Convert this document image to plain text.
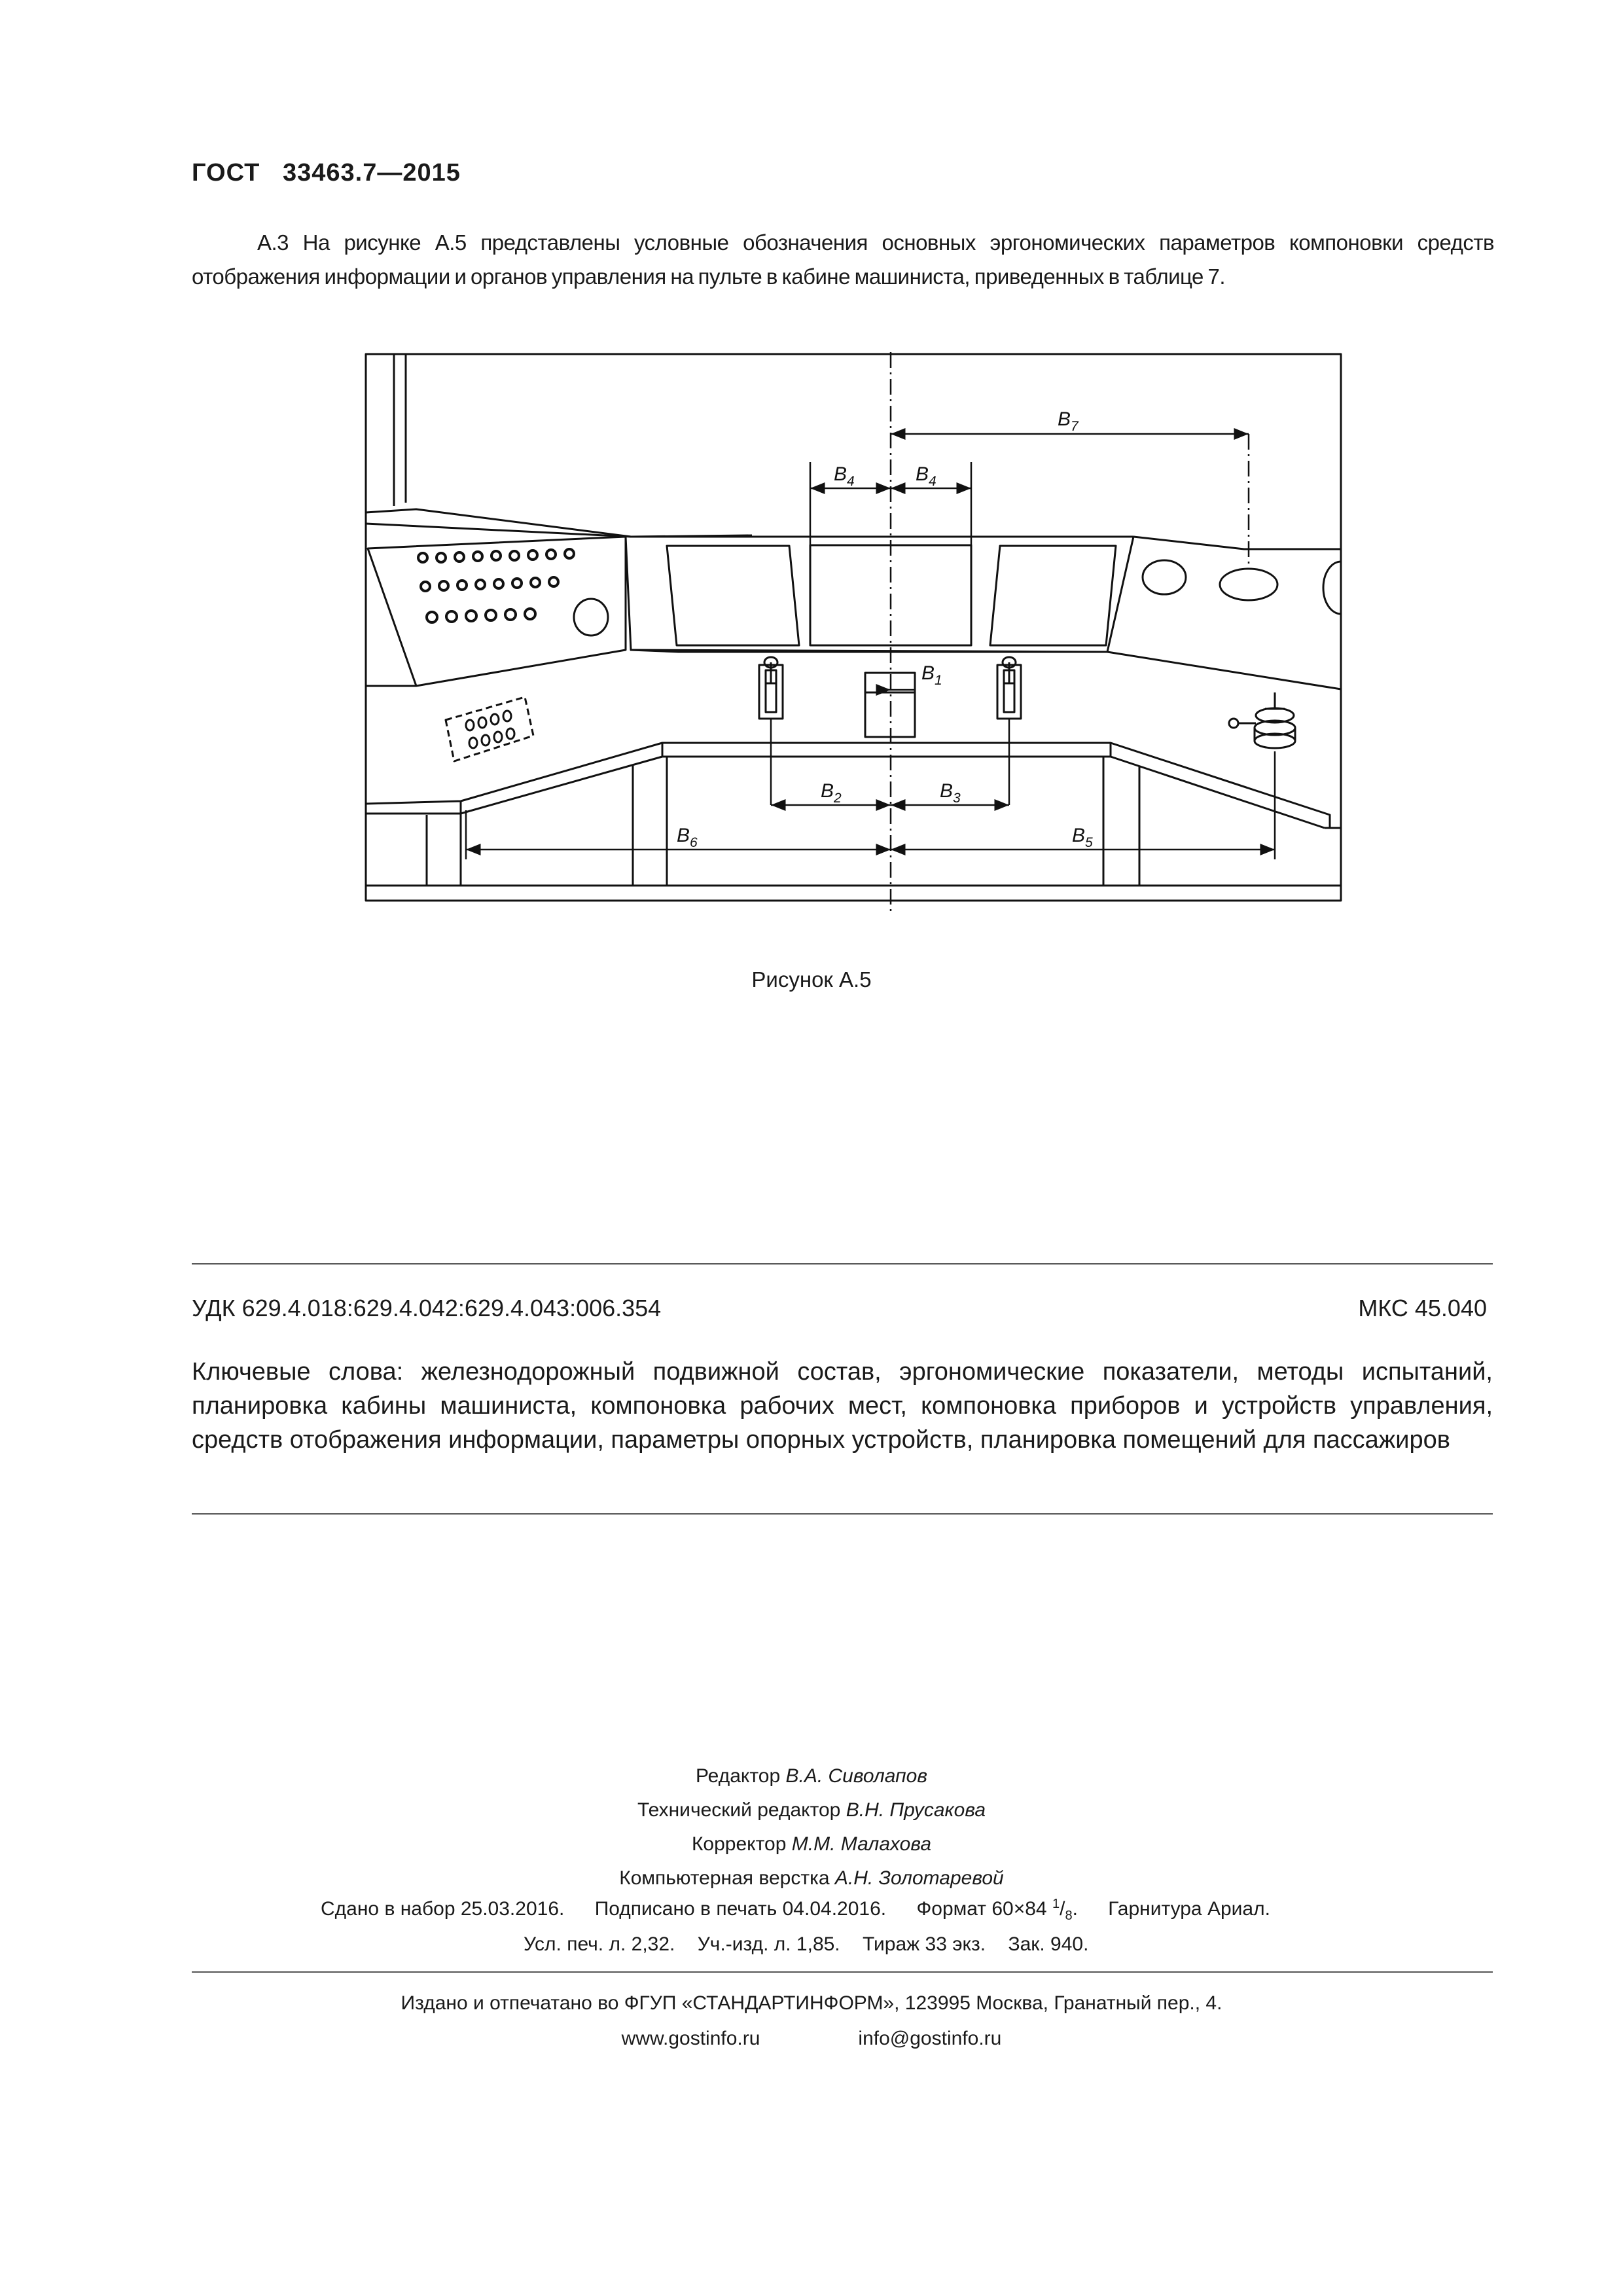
ГОСТ   33463.7—2015

А.3 На рисунке А.5 представлены условные обозначения основных эргономических параметров компоновки средств отображения информации и органов управления на пульте в кабине машиниста, приведенных в таблице 7.

$B_7$
$B_4$	$B_4$
$B_1$
$B_2$	$B_3$
$B_6$	$B_5$
Рисунок А.5
УДК 629.4.018:629.4.042:629.4.043:006.354	МКС 45.040

Ключевые слова: железнодорожный подвижной состав, эргономические показатели, методы испытаний, планировка кабины машиниста, компоновка рабочих мест, компоновка приборов и устройств управления, средств отображения информации, параметры опорных устройств, планировка помещений для пассажиров

Редактор В.А. Сиволапов
Технический редактор В.Н. Прусакова
Корректор М.М. Малахова
Компьютерная верстка А.Н. Золотаревой
Сдано в набор 25.03.2016. Подписано в печать 04.04.2016. Формат 60×84 $^1/_8$. Гарнитура Ариал.
Усл. печ. л. 2,32. Уч.-изд. л. 1,85. Тираж 33 экз. Зак. 940.
Издано и отпечатано во ФГУП «СТАНДАРТИНФОРМ», 123995 Москва, Гранатный пер., 4.
www.gostinfo.ru	info@gostinfo.ru
